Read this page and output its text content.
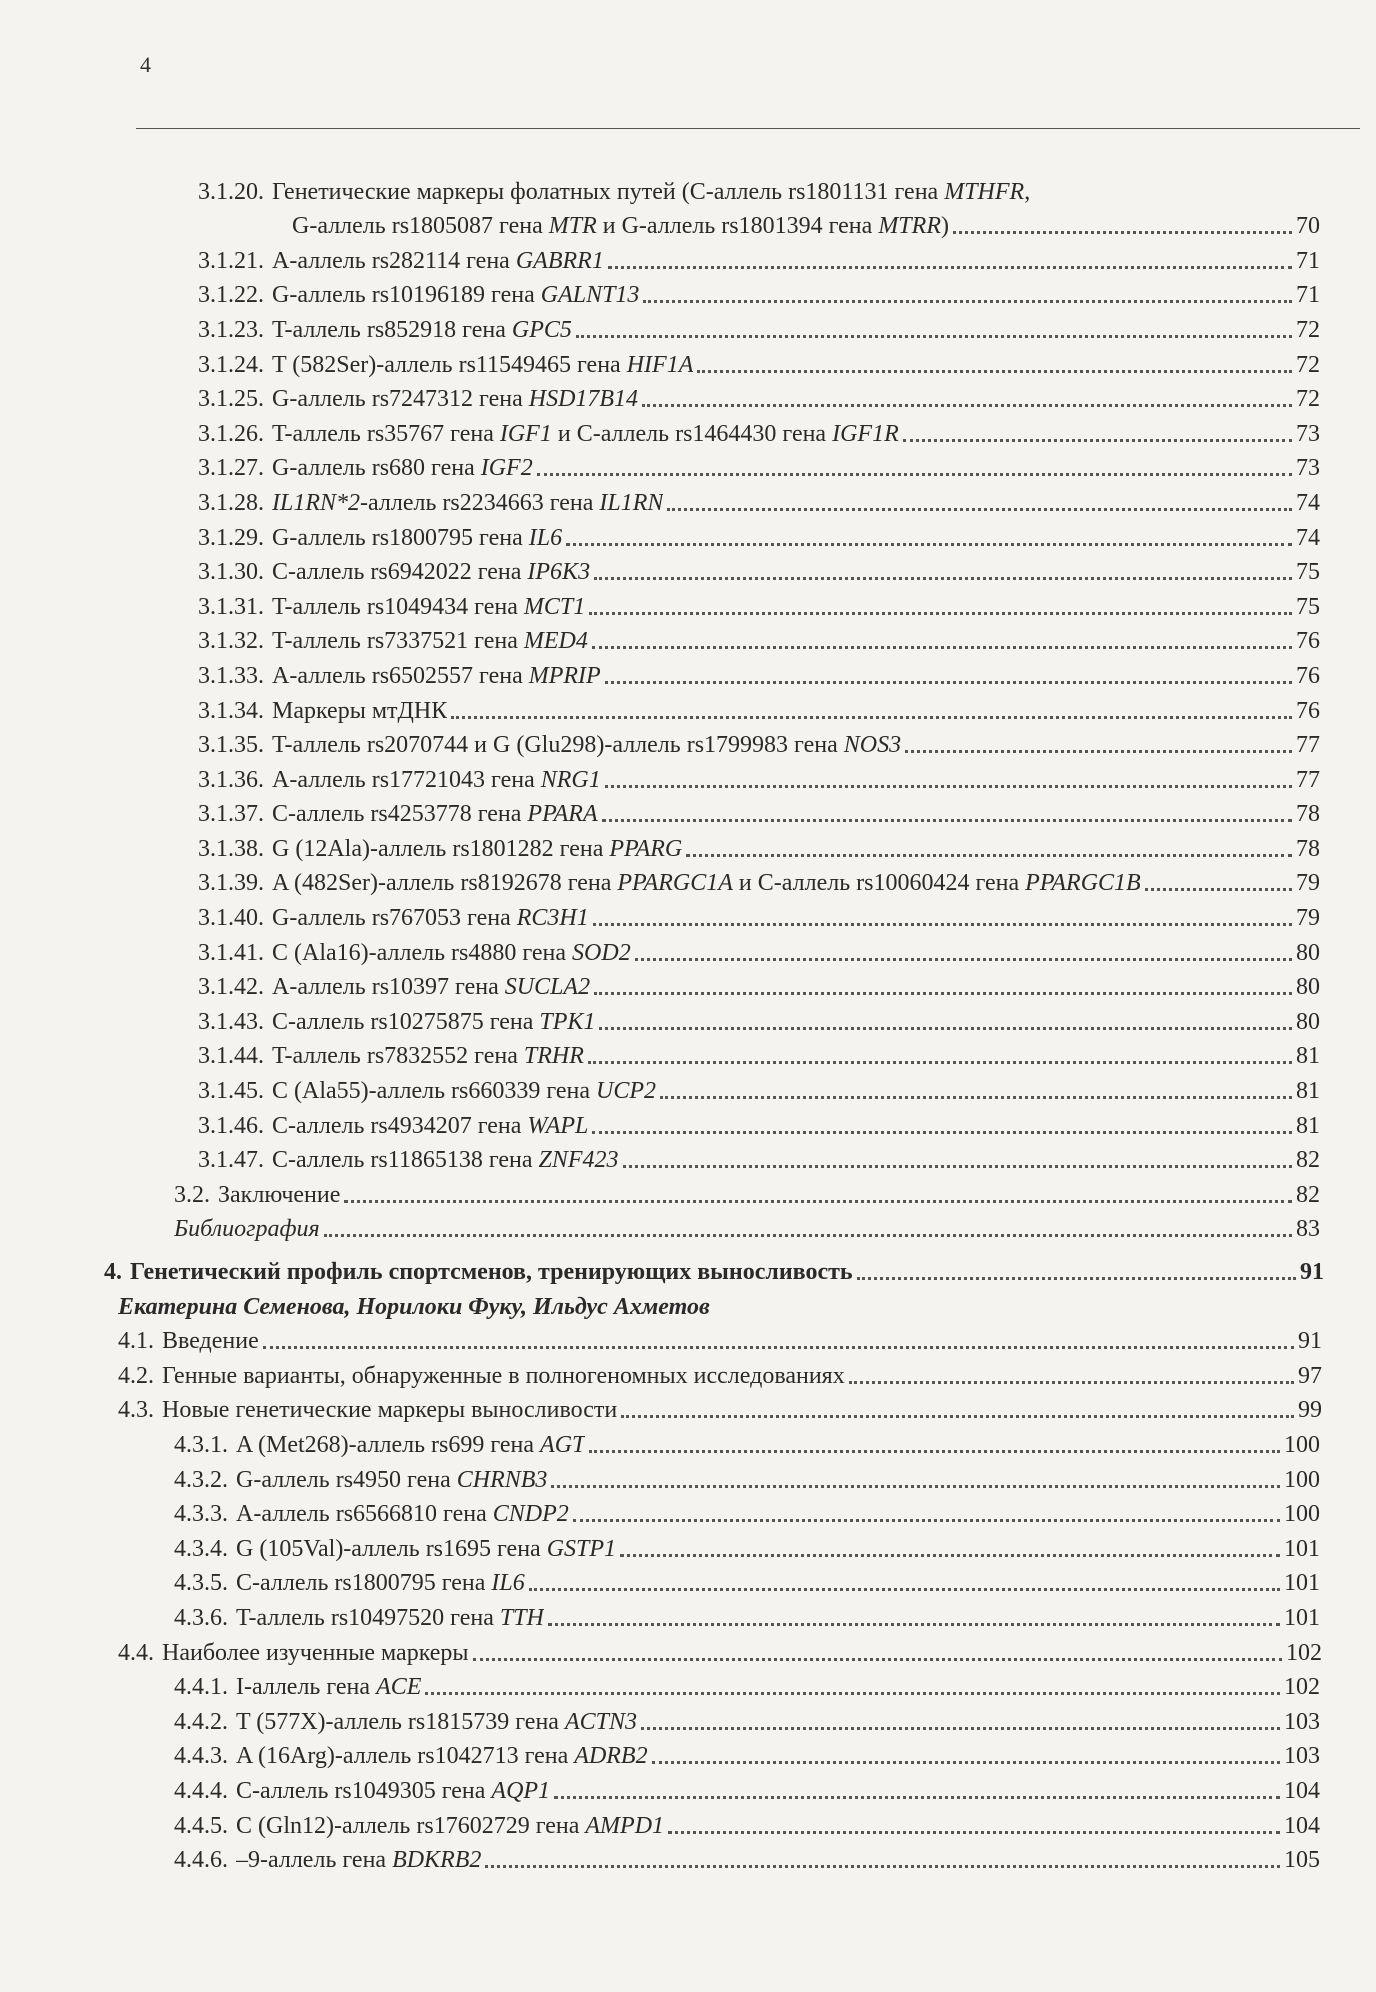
4
3.1.20. Генетические маркеры фолатных путей (C-аллель rs1801131 гена MTHFR,
G-аллель rs1805087 гена MTR и G-аллель rs1801394 гена MTRR)	70
3.1.21. A-аллель rs282114 гена GABRR1	71
3.1.22. G-аллель rs10196189 гена GALNT13	71
3.1.23. T-аллель rs852918 гена GPC5	72
3.1.24. T (582Ser)-аллель rs11549465 гена HIF1A	72
3.1.25. G-аллель rs7247312 гена HSD17B14	72
3.1.26. T-аллель rs35767 гена IGF1 и C-аллель rs1464430 гена IGF1R	73
3.1.27. G-аллель rs680 гена IGF2	73
3.1.28. IL1RN*2-аллель rs2234663 гена IL1RN	74
3.1.29. G-аллель rs1800795 гена IL6	74
3.1.30. C-аллель rs6942022 гена IP6K3	75
3.1.31. T-аллель rs1049434 гена MCT1	75
3.1.32. T-аллель rs7337521 гена MED4	76
3.1.33. A-аллель rs6502557 гена MPRIP	76
3.1.34. Маркеры мтДНК	76
3.1.35. T-аллель rs2070744 и G (Glu298)-аллель rs1799983 гена NOS3	77
3.1.36. A-аллель rs17721043 гена NRG1	77
3.1.37. C-аллель rs4253778 гена PPARA	78
3.1.38. G (12Ala)-аллель rs1801282 гена PPARG	78
3.1.39. A (482Ser)-аллель rs8192678 гена PPARGC1A и C-аллель rs10060424 гена PPARGC1B	79
3.1.40. G-аллель rs767053 гена RC3H1	79
3.1.41. C (Ala16)-аллель rs4880 гена SOD2	80
3.1.42. A-аллель rs10397 гена SUCLA2	80
3.1.43. C-аллель rs10275875 гена TPK1	80
3.1.44. T-аллель rs7832552 гена TRHR	81
3.1.45. C (Ala55)-аллель rs660339 гена UCP2	81
3.1.46. C-аллель rs4934207 гена WAPL	81
3.1.47. C-аллель rs11865138 гена ZNF423	82
3.2. Заключение	82
Библиография	83
4. Генетический профиль спортсменов, тренирующих выносливость	91
Екатерина Семенова, Норилоки Фуку, Ильдус Ахметов
4.1. Введение	91
4.2. Генные варианты, обнаруженные в полногеномных исследованиях	97
4.3. Новые генетические маркеры выносливости	99
4.3.1. A (Met268)-аллель rs699 гена AGT	100
4.3.2. G-аллель rs4950 гена CHRNB3	100
4.3.3. A-аллель rs6566810 гена CNDP2	100
4.3.4. G (105Val)-аллель rs1695 гена GSTP1	101
4.3.5. C-аллель rs1800795 гена IL6	101
4.3.6. T-аллель rs10497520 гена TTH	101
4.4. Наиболее изученные маркеры	102
4.4.1. I-аллель гена ACE	102
4.4.2. T (577X)-аллель rs1815739 гена ACTN3	103
4.4.3. A (16Arg)-аллель rs1042713 гена ADRB2	103
4.4.4. C-аллель rs1049305 гена AQP1	104
4.4.5. C (Gln12)-аллель rs17602729 гена AMPD1	104
4.4.6. –9-аллель гена BDKRB2	105
